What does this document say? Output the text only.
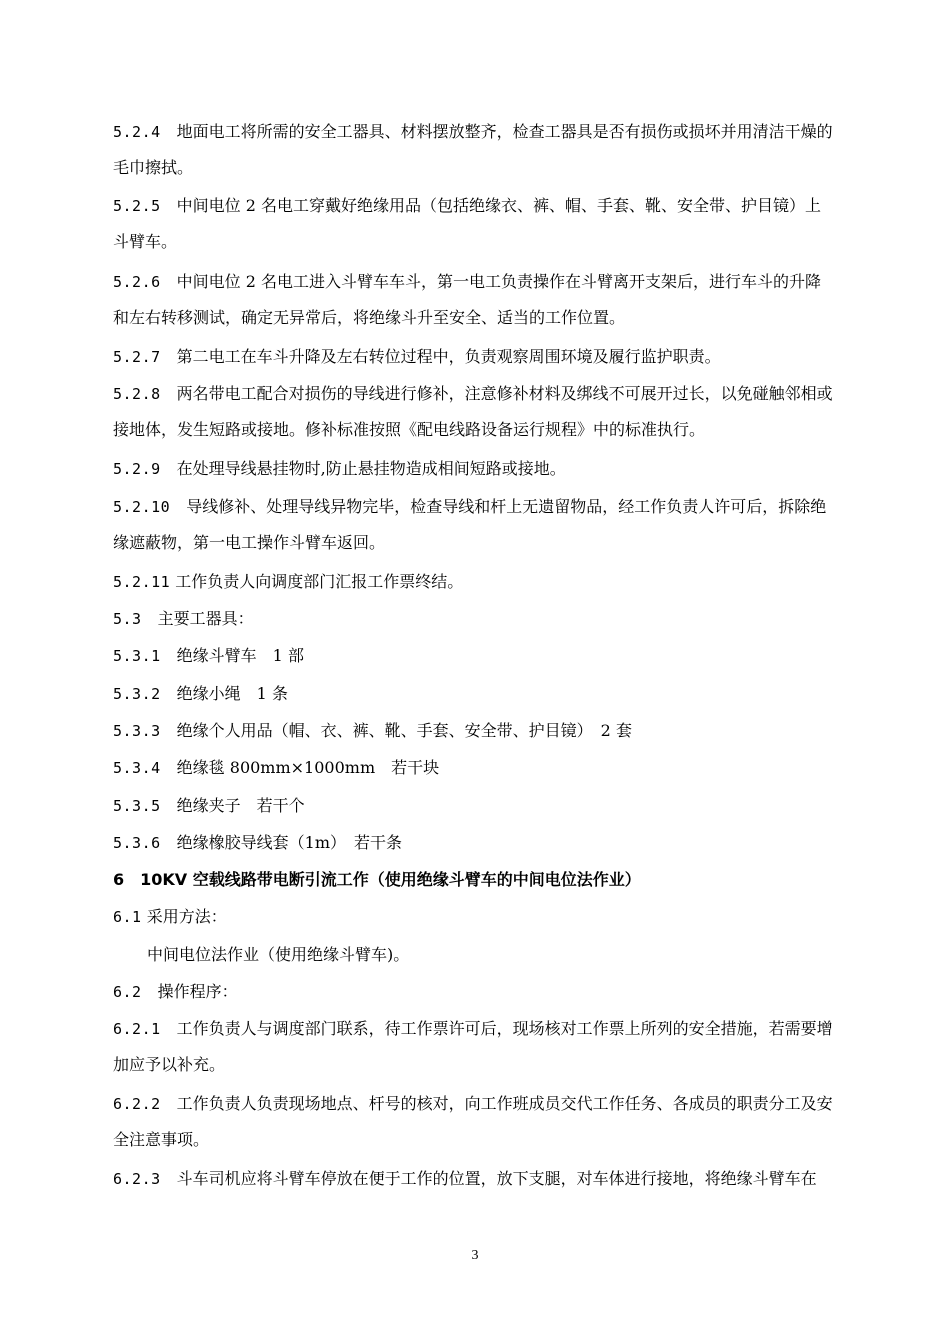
5.2.4　 地面电工将所需的安全工器具、材料摆放整齐，检查工器具是否有损伤或损坏并用清洁干燥的毛巾擦拭。

5.2.5　 中间电位 2 名电工穿戴好绝缘用品（包括绝缘衣、裤、帽、手套、靴、安全带、护目镜）上斗臂车。

5.2.6　 中间电位 2 名电工进入斗臂车车斗，第一电工负责操作在斗臂离开支架后，进行车斗的升降和左右转移测试，确定无异常后，将绝缘斗升至安全、适当的工作位置。

5.2.7　 第二电工在车斗升降及左右转位过程中，负责观察周围环境及履行监护职责。

5.2.8　 两名带电工配合对损伤的导线进行修补，注意修补材料及绑线不可展开过长，以免碰触邻相或接地体，发生短路或接地。修补标准按照《配电线路设备运行规程》中的标准执行。

5.2.9　 在处理导线悬挂物时,防止悬挂物造成相间短路或接地。

5.2.10　 导线修补、处理导线异物完毕，检查导线和杆上无遗留物品，经工作负责人许可后，拆除绝缘遮蔽物，第一电工操作斗臂车返回。

5.2.11 工作负责人向调度部门汇报工作票终结。

5.3　 主要工器具：

5.3.1　 绝缘斗臂车　1 部

5.3.2　 绝缘小绳　1 条

5.3.3　 绝缘个人用品（帽、衣、裤、靴、手套、安全带、护目镜）　2 套

5.3.4　 绝缘毯 800mm×1000mm　若干块

5.3.5　 绝缘夹子　若干个

5.3.6　 绝缘橡胶导线套（1m）　若干条

6　10KV 空载线路带电断引流工作（使用绝缘斗臂车的中间电位法作业）

6.1 采用方法：

中间电位法作业（使用绝缘斗臂车)。

6.2　 操作程序：

6.2.1　 工作负责人与调度部门联系，待工作票许可后，现场核对工作票上所列的安全措施，若需要增加应予以补充。

6.2.2　 工作负责人负责现场地点、杆号的核对，向工作班成员交代工作任务、各成员的职责分工及安全注意事项。

6.2.3　 斗车司机应将斗臂车停放在便于工作的位置，放下支腿，对车体进行接地，将绝缘斗臂车在

3
